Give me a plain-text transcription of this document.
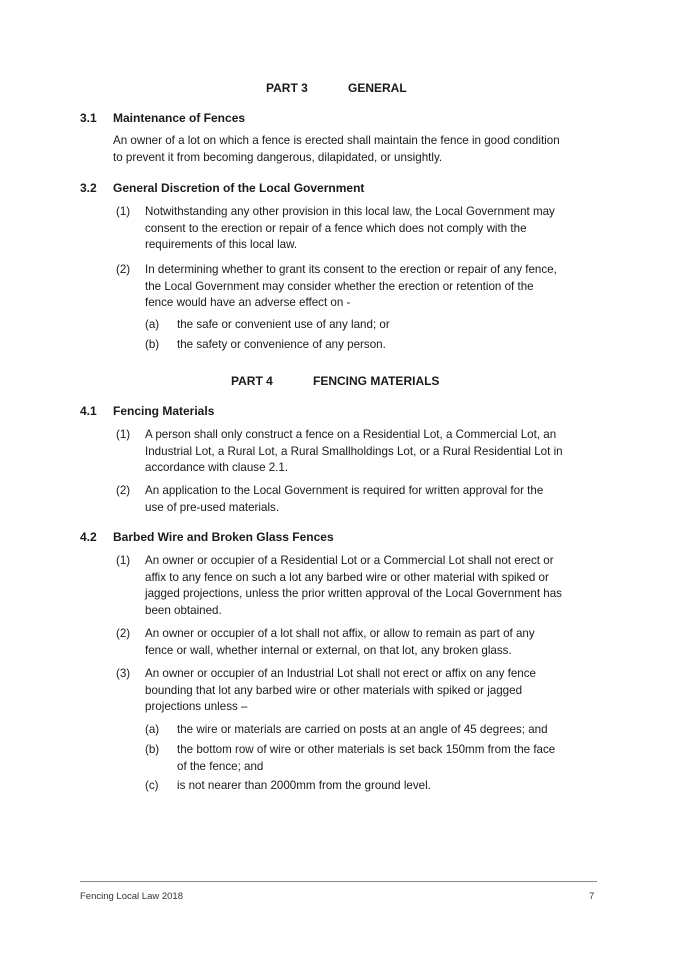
PART 3	GENERAL
3.1 Maintenance of Fences
An owner of a lot on which a fence is erected shall maintain the fence in good condition
to prevent it from becoming dangerous, dilapidated, or unsightly.
3.2 General Discretion of the Local Government
(1) Notwithstanding any other provision in this local law, the Local Government may
consent to the erection or repair of a fence which does not comply with the
requirements of this local law.
(2) In determining whether to grant its consent to the erection or repair of any fence,
the Local Government may consider whether the erection or retention of the
fence would have an adverse effect on -
(a) the safe or convenient use of any land; or
(b) the safety or convenience of any person.
PART 4	FENCING MATERIALS
4.1 Fencing Materials
(1) A person shall only construct a fence on a Residential Lot, a Commercial Lot, an
Industrial Lot, a Rural Lot, a Rural Smallholdings Lot, or a Rural Residential Lot in
accordance with clause 2.1.
(2) An application to the Local Government is required for written approval for the
use of pre-used materials.
4.2 Barbed Wire and Broken Glass Fences
(1) An owner or occupier of a Residential Lot or a Commercial Lot shall not erect or
affix to any fence on such a lot any barbed wire or other material with spiked or
jagged projections, unless the prior written approval of the Local Government has
been obtained.
(2) An owner or occupier of a lot shall not affix, or allow to remain as part of any
fence or wall, whether internal or external, on that lot, any broken glass.
(3) An owner or occupier of an Industrial Lot shall not erect or affix on any fence
bounding that lot any barbed wire or other materials with spiked or jagged
projections unless –
(a) the wire or materials are carried on posts at an angle of 45 degrees; and
(b) the bottom row of wire or other materials is set back 150mm from the face
of the fence; and
(c) is not nearer than 2000mm from the ground level.
Fencing Local Law 2018	7
